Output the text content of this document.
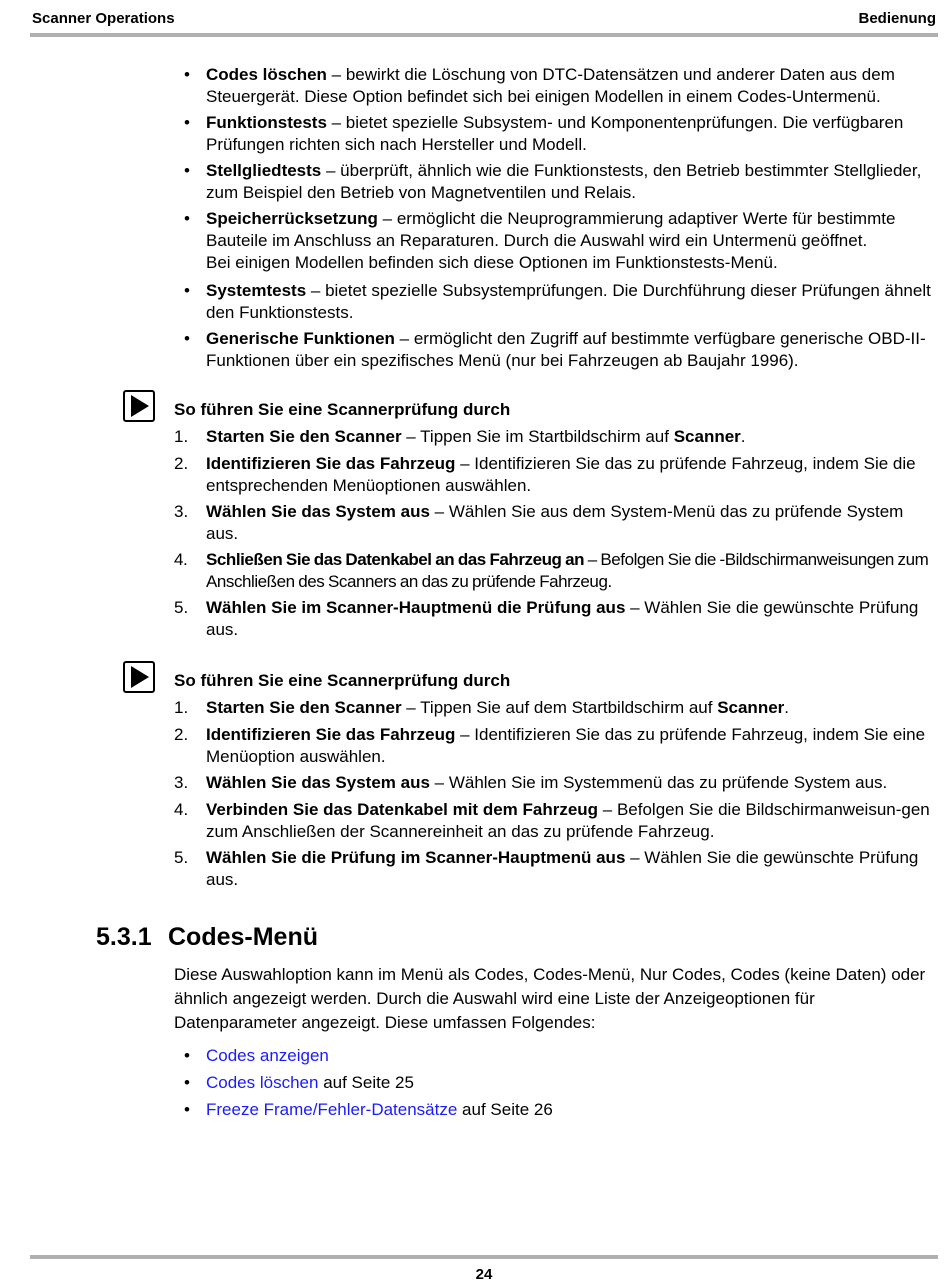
Scanner Operations	Bedienung
• Codes löschen – bewirkt die Löschung von DTC-Datensätzen und anderer Daten aus dem Steuergerät. Diese Option befindet sich bei einigen Modellen in einem Codes-Untermenü.
• Funktionstests – bietet spezielle Subsystem- und Komponentenprüfungen. Die verfügbaren Prüfungen richten sich nach Hersteller und Modell.
• Stellgliedtests – überprüft, ähnlich wie die Funktionstests, den Betrieb bestimmter Stellglieder, zum Beispiel den Betrieb von Magnetventilen und Relais.
• Speicherrücksetzung – ermöglicht die Neuprogrammierung adaptiver Werte für bestimmte Bauteile im Anschluss an Reparaturen. Durch die Auswahl wird ein Untermenü geöffnet.
Bei einigen Modellen befinden sich diese Optionen im Funktionstests-Menü.
• Systemtests – bietet spezielle Subsystemprüfungen. Die Durchführung dieser Prüfungen ähnelt den Funktionstests.
• Generische Funktionen – ermöglicht den Zugriff auf bestimmte verfügbare generische OBD-II-Funktionen über ein spezifisches Menü (nur bei Fahrzeugen ab Baujahr 1996).
So führen Sie eine Scannerprüfung durch
1. Starten Sie den Scanner – Tippen Sie im Startbildschirm auf Scanner.
2. Identifizieren Sie das Fahrzeug – Identifizieren Sie das zu prüfende Fahrzeug, indem Sie die entsprechenden Menüoptionen auswählen.
3. Wählen Sie das System aus – Wählen Sie aus dem System-Menü das zu prüfende System aus.
4. Schließen Sie das Datenkabel an das Fahrzeug an – Befolgen Sie die -Bildschirmanweisungen zum Anschließen des Scanners an das zu prüfende Fahrzeug.
5. Wählen Sie im Scanner-Hauptmenü die Prüfung aus – Wählen Sie die gewünschte Prüfung aus.
So führen Sie eine Scannerprüfung durch
1. Starten Sie den Scanner – Tippen Sie auf dem Startbildschirm auf Scanner.
2. Identifizieren Sie das Fahrzeug – Identifizieren Sie das zu prüfende Fahrzeug, indem Sie eine Menüoption auswählen.
3. Wählen Sie das System aus – Wählen Sie im Systemmenü das zu prüfende System aus.
4. Verbinden Sie das Datenkabel mit dem Fahrzeug – Befolgen Sie die Bildschirmanweisun-gen zum Anschließen der Scannereinheit an das zu prüfende Fahrzeug.
5. Wählen Sie die Prüfung im Scanner-Hauptmenü aus – Wählen Sie die gewünschte Prüfung aus.
5.3.1 Codes-Menü
Diese Auswahloption kann im Menü als Codes, Codes-Menü, Nur Codes, Codes (keine Daten) oder ähnlich angezeigt werden. Durch die Auswahl wird eine Liste der Anzeigeoptionen für Datenparameter angezeigt. Diese umfassen Folgendes:
• Codes anzeigen
• Codes löschen auf Seite 25
• Freeze Frame/Fehler-Datensätze auf Seite 26
24
